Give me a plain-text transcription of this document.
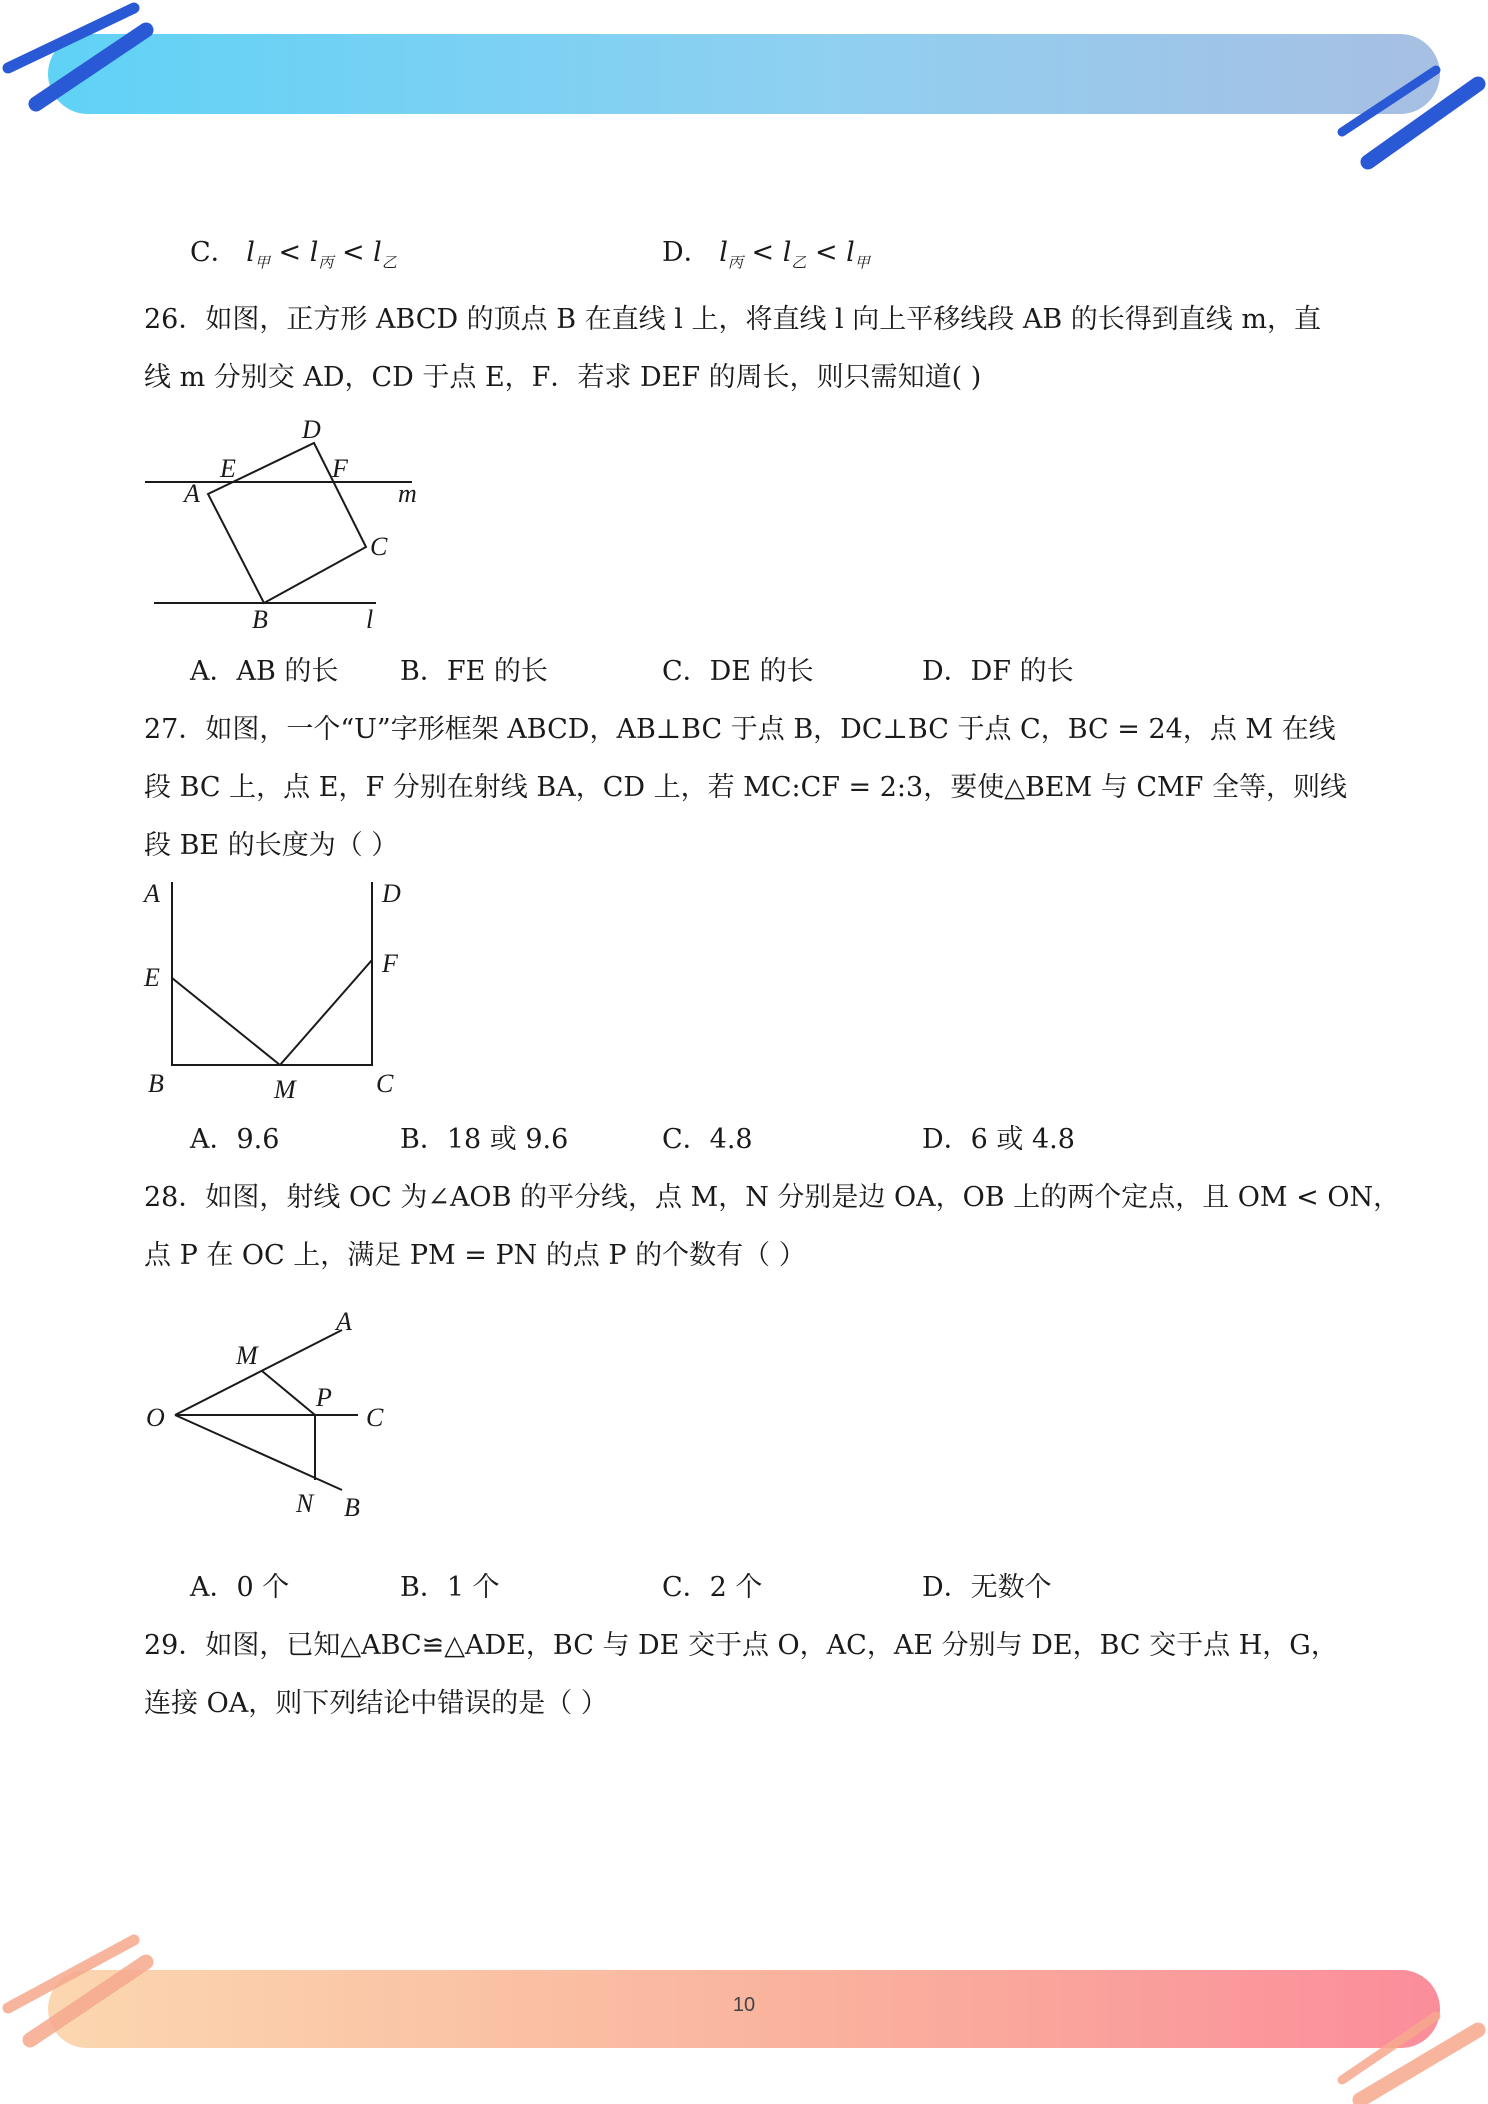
C． $l_甲 < l_丙 < l_乙$	D． $l_丙 < l_乙 < l_甲$
26．如图，正方形 ABCD 的顶点 B 在直线 l 上，将直线 l 向上平移线段 AB 的长得到直线 m，直
线 m 分别交 AD，CD 于点 E，F．若求 DEF 的周长，则只需知道( )
D
E	F
A	m
C
B	l
A．AB 的长 B．FE 的长	C．DE 的长	D．DF 的长
27．如图，一个“U”字形框架 ABCD，AB⊥BC 于点 B，DC⊥BC 于点 C，BC = 24，点 M 在线
段 BC 上，点 E，F 分别在射线 BA，CD 上，若 MC:CF = 2:3，要使△BEM 与 CMF 全等，则线
段 BE 的长度为（ ）
A	D
E	F
B	M	C
A．9.6	B．18 或 9.6	C．4.8	D．6 或 4.8
28．如图，射线 OC 为∠AOB 的平分线，点 M，N 分别是边 OA，OB 上的两个定点，且 OM < ON，
点 P 在 OC 上，满足 PM = PN 的点 P 的个数有（ ）
A
M
P
O	C
N B
A．0 个	B．1 个	C．2 个	D．无数个
29．如图，已知△ABC≌△ADE，BC 与 DE 交于点 O，AC，AE 分别与 DE，BC 交于点 H，G，
连接 OA，则下列结论中错误的是（ ）
10
